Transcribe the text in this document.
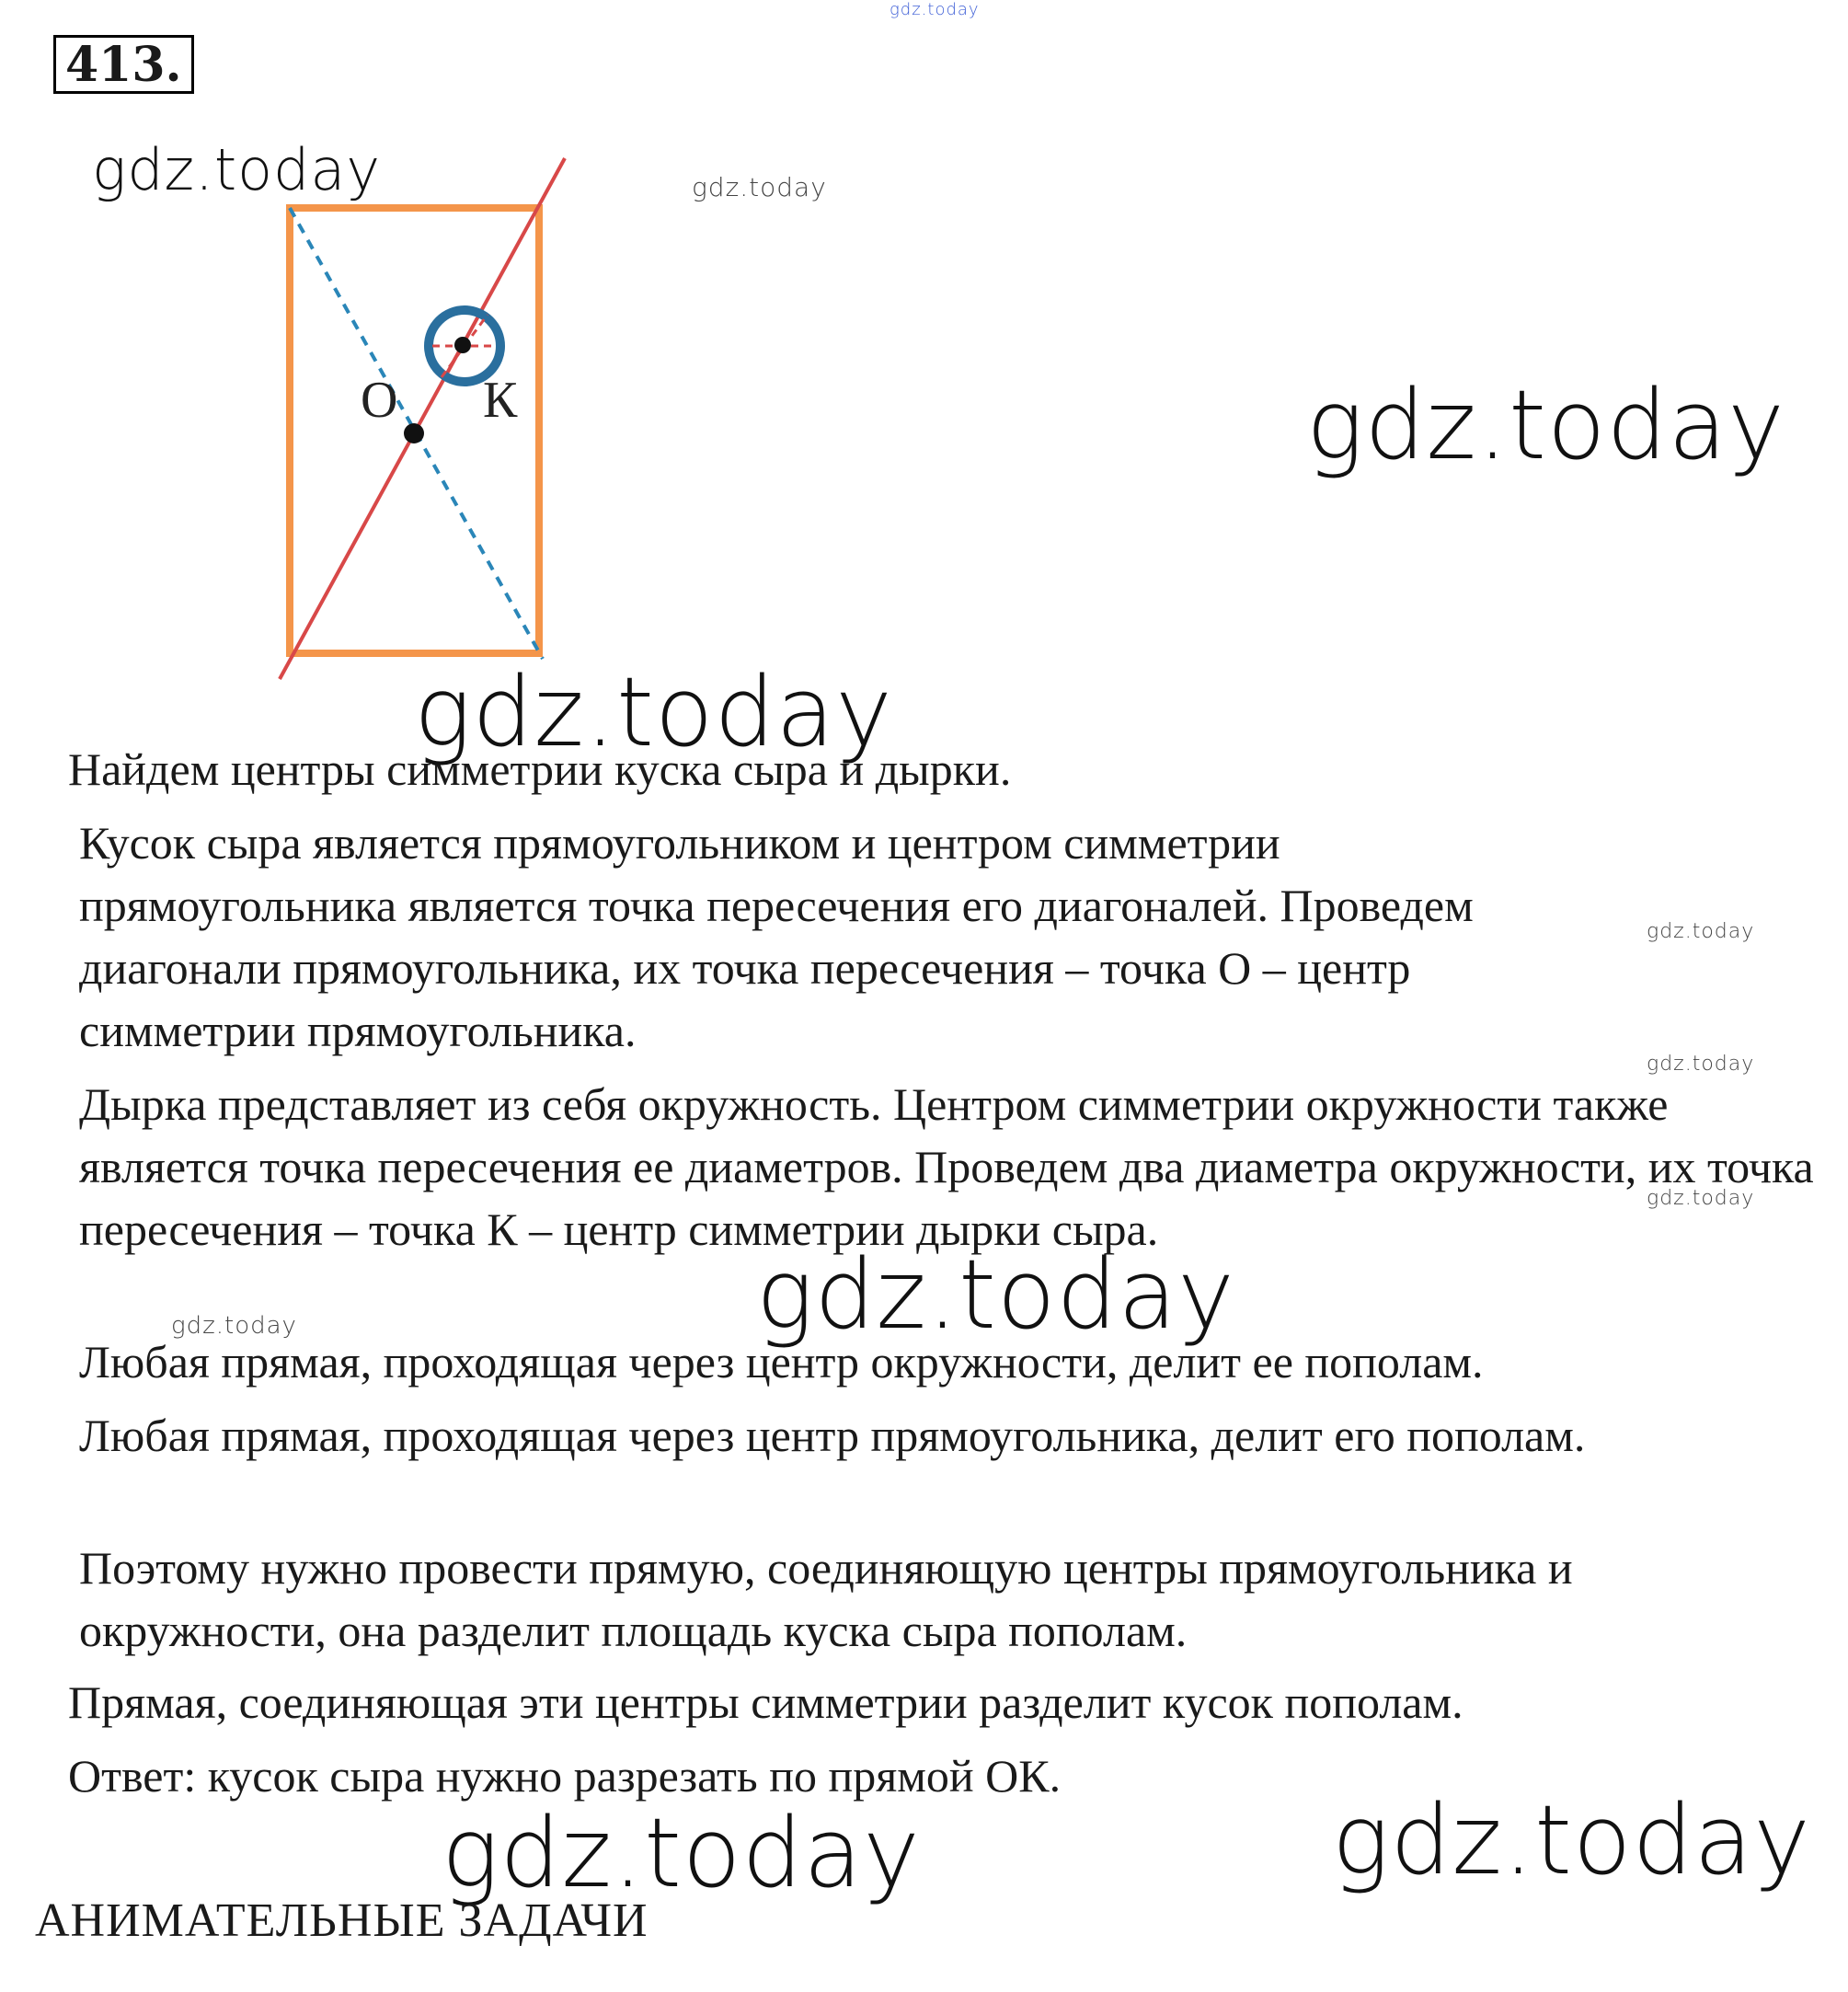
413.
О К
Найдем центры симметрии куска сыра и дырки.
Кусок сыра является прямоугольником и центром симметрии прямоугольника является точка пересечения его диагоналей. Проведем диагонали прямоугольника, их точка пересечения – точка О – центр симметрии прямоугольника.
Дырка представляет из себя окружность. Центром симметрии окружности также является точка пересечения ее диаметров. Проведем два диаметра окружности, их точка пересечения – точка К – центр симметрии дырки сыра.
Любая прямая, проходящая через центр окружности, делит ее пополам.
Любая прямая, проходящая через центр прямоугольника, делит его пополам.
Поэтому нужно провести прямую, соединяющую центры прямоугольника и окружности, она разделит площадь куска сыра пополам.
Прямая, соединяющая эти центры симметрии разделит кусок пополам.
Ответ: кусок сыра нужно разрезать по прямой ОК.
gdz.today
gdz.today	gdz.today
gdz.today
gdz.today
gdz.today
gdz.today
gdz.today
gdz.today
gdz.today
gdz.today	gdz.today
АНИМАТЕЛЬНЫЕ ЗАДАЧИ
